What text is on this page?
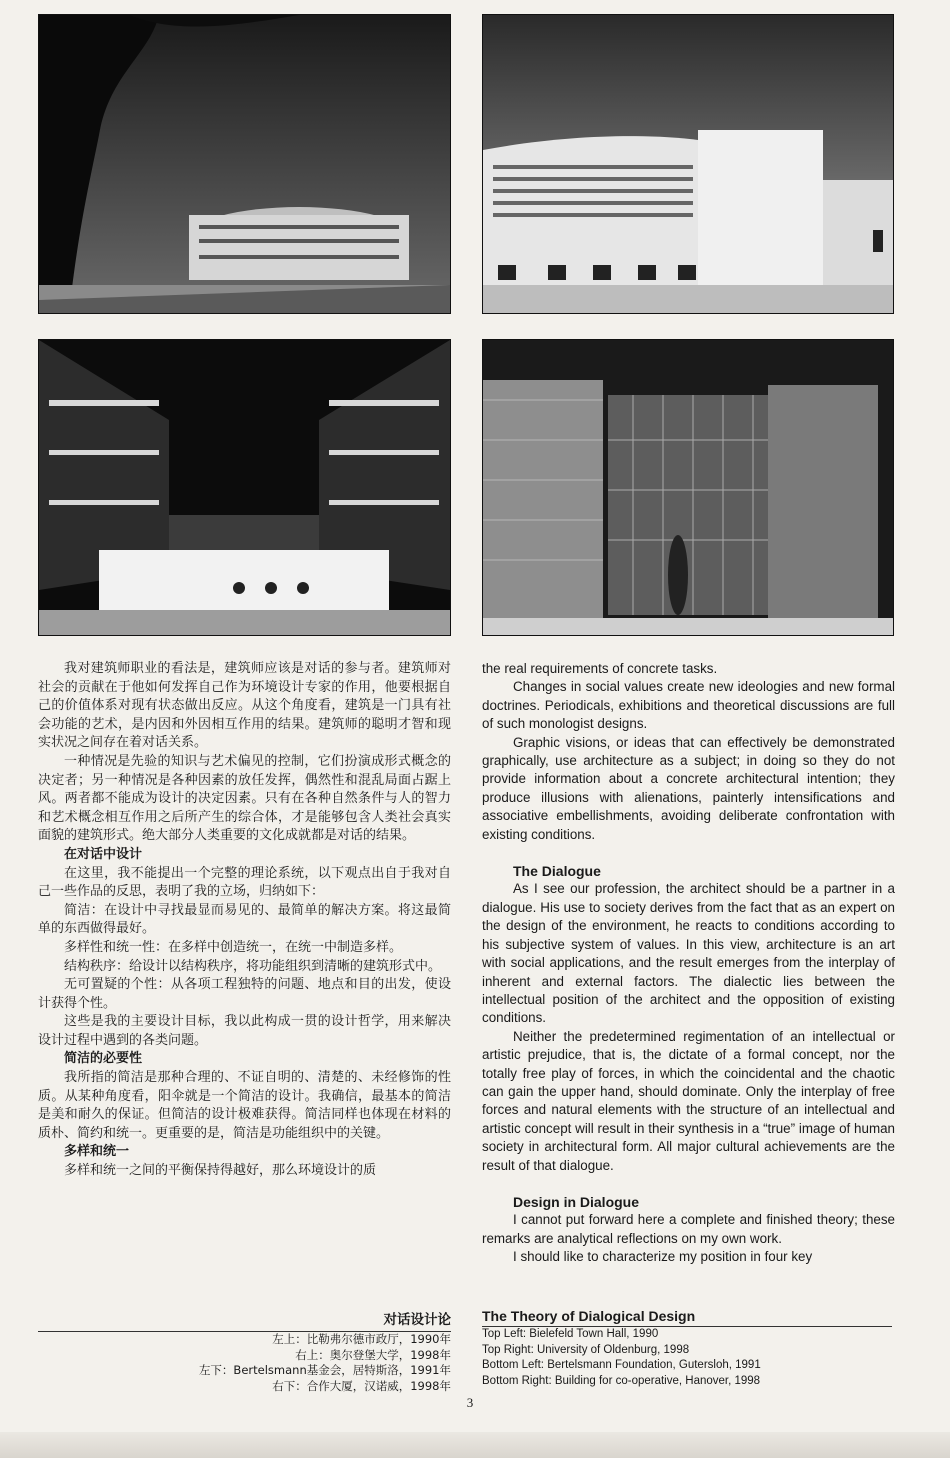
我对建筑师职业的看法是，建筑师应该是对话的参与者。建筑师对社会的贡献在于他如何发挥自己作为环境设计专家的作用，他要根据自己的价值体系对现有状态做出反应。从这个角度看，建筑是一门具有社会功能的艺术，是内因和外因相互作用的结果。建筑师的聪明才智和现实状况之间存在着对话关系。

一种情况是先验的知识与艺术偏见的控制，它们扮演成形式概念的决定者；另一种情况是各种因素的放任发挥，偶然性和混乱局面占踞上风。两者都不能成为设计的决定因素。只有在各种自然条件与人的智力和艺术概念相互作用之后所产生的综合体，才是能够包含人类社会真实面貌的建筑形式。绝大部分人类重要的文化成就都是对话的结果。

在对话中设计

在这里，我不能提出一个完整的理论系统，以下观点出自于我对自己一些作品的反思，表明了我的立场，归纳如下：

简洁：在设计中寻找最显而易见的、最简单的解决方案。将这最简单的东西做得最好。

多样性和统一性：在多样中创造统一，在统一中制造多样。

结构秩序：给设计以结构秩序，将功能组织到清晰的建筑形式中。

无可置疑的个性：从各项工程独特的问题、地点和目的出发，使设计获得个性。

这些是我的主要设计目标，我以此构成一贯的设计哲学，用来解决设计过程中遇到的各类问题。

简洁的必要性

我所指的简洁是那种合理的、不证自明的、清楚的、未经修饰的性质。从某种角度看，阳伞就是一个简洁的设计。我确信，最基本的简洁是美和耐久的保证。但简洁的设计极难获得。简洁同样也体现在材料的质朴、简约和统一。更重要的是，简洁是功能组织中的关键。

多样和统一

多样和统一之间的平衡保持得越好，那么环境设计的质

the real requirements of concrete tasks.

Changes in social values create new ideologies and new formal doctrines. Periodicals, exhibitions and theoretical discussions are full of such monologist designs.

Graphic visions, or ideas that can effectively be demonstrated graphically, use architecture as a subject; in doing so they do not provide information about a concrete architectural intention; they produce illusions with alienations, painterly intensifications and associative embellishments, avoiding deliberate confrontation with existing conditions.

The Dialogue

As I see our profession, the architect should be a partner in a dialogue. His use to society derives from the fact that as an expert on the design of the environment, he reacts to conditions according to his subjective system of values. In this view, architecture is an art with social applications, and the result emerges from the interplay of inherent and external factors. The dialectic lies between the intellectual position of the architect and the opposition of existing conditions.

Neither the predetermined regimentation of an intellectual or artistic prejudice, that is, the dictate of a formal concept, nor the totally free play of forces, in which the coincidental and the chaotic can gain the upper hand, should dominate. Only the interplay of free forces and natural elements with the structure of an intellectual and artistic concept will result in their synthesis in a “true” image of human society in architectural form. All major cultural achievements are the result of that dialogue.

Design in Dialogue

I cannot put forward here a complete and finished theory; these remarks are analytical reflections on my own work.

I should like to characterize my position in four key

对话设计论
左上：比勒弗尔德市政厅，1990年
右上：奥尔登堡大学，1998年
左下：Bertelsmann基金会，居特斯洛，1991年
右下：合作大厦，汉诺威，1998年
The Theory of Dialogical Design
Top Left: Bielefeld Town Hall, 1990
Top Right: University of Oldenburg, 1998
Bottom Left: Bertelsmann Foundation, Gutersloh, 1991
Bottom Right: Building for co-operative, Hanover, 1998
3
